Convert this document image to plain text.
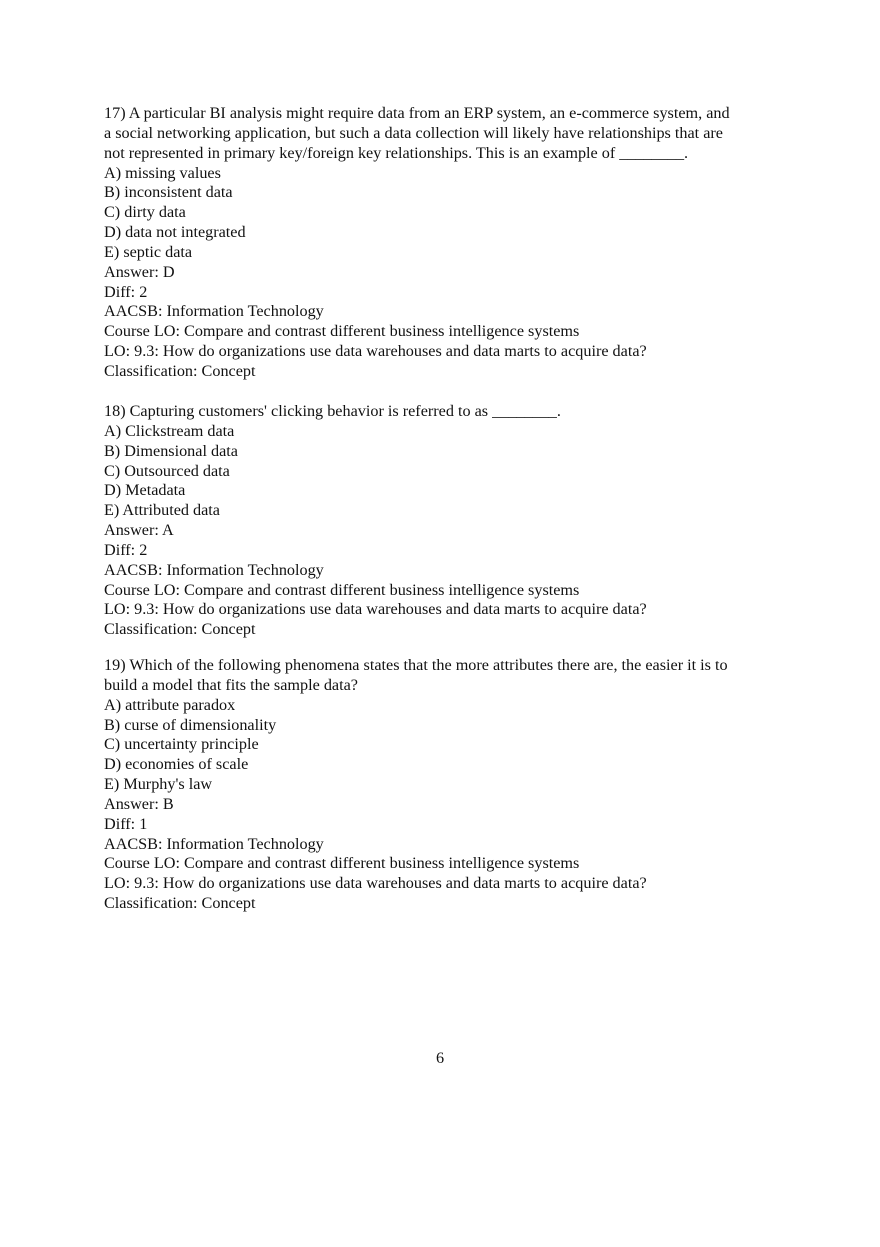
17) A particular BI analysis might require data from an ERP system, an e-commerce system, and
a social networking application, but such a data collection will likely have relationships that are
not represented in primary key/foreign key relationships. This is an example of ________.
A) missing values
B) inconsistent data
C) dirty data
D) data not integrated
E) septic data
Answer: D
Diff: 2
AACSB: Information Technology
Course LO: Compare and contrast different business intelligence systems
LO: 9.3: How do organizations use data warehouses and data marts to acquire data?
Classification: Concept
18) Capturing customers' clicking behavior is referred to as ________.
A) Clickstream data
B) Dimensional data
C) Outsourced data
D) Metadata
E) Attributed data
Answer: A
Diff: 2
AACSB: Information Technology
Course LO: Compare and contrast different business intelligence systems
LO: 9.3: How do organizations use data warehouses and data marts to acquire data?
Classification: Concept
19) Which of the following phenomena states that the more attributes there are, the easier it is to
build a model that fits the sample data?
A) attribute paradox
B) curse of dimensionality
C) uncertainty principle
D) economies of scale
E) Murphy's law
Answer: B
Diff: 1
AACSB: Information Technology
Course LO: Compare and contrast different business intelligence systems
LO: 9.3: How do organizations use data warehouses and data marts to acquire data?
Classification: Concept
6
